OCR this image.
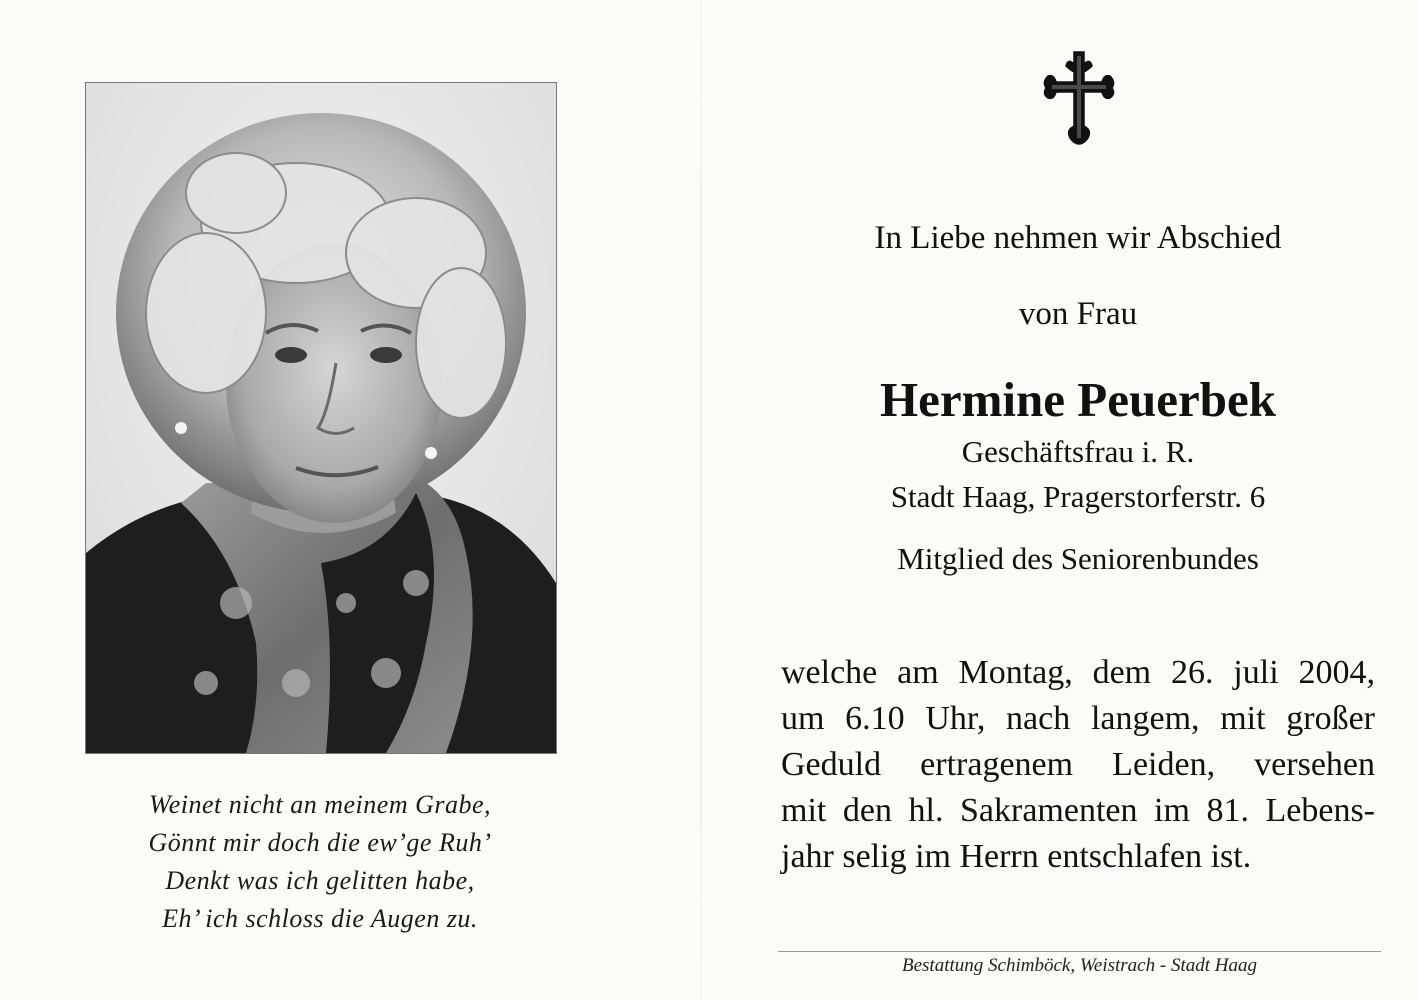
Weinet nicht an meinem Grabe,
Gönnt mir doch die ew’ge Ruh’
Denkt was ich gelitten habe,
Eh’ ich schloss die Augen zu.
In Liebe nehmen wir Abschied
von Frau
Hermine Peuerbek
Geschäftsfrau i. R.
Stadt Haag, Pragerstorferstr. 6
Mitglied des Seniorenbundes
welche am Montag, dem 26. juli 2004,
um 6.10 Uhr, nach langem, mit großer
Geduld ertragenem Leiden, versehen
mit den hl. Sakramenten im 81. Lebens-
jahr selig im Herrn entschlafen ist.
Bestattung Schimböck, Weistrach - Stadt Haag
